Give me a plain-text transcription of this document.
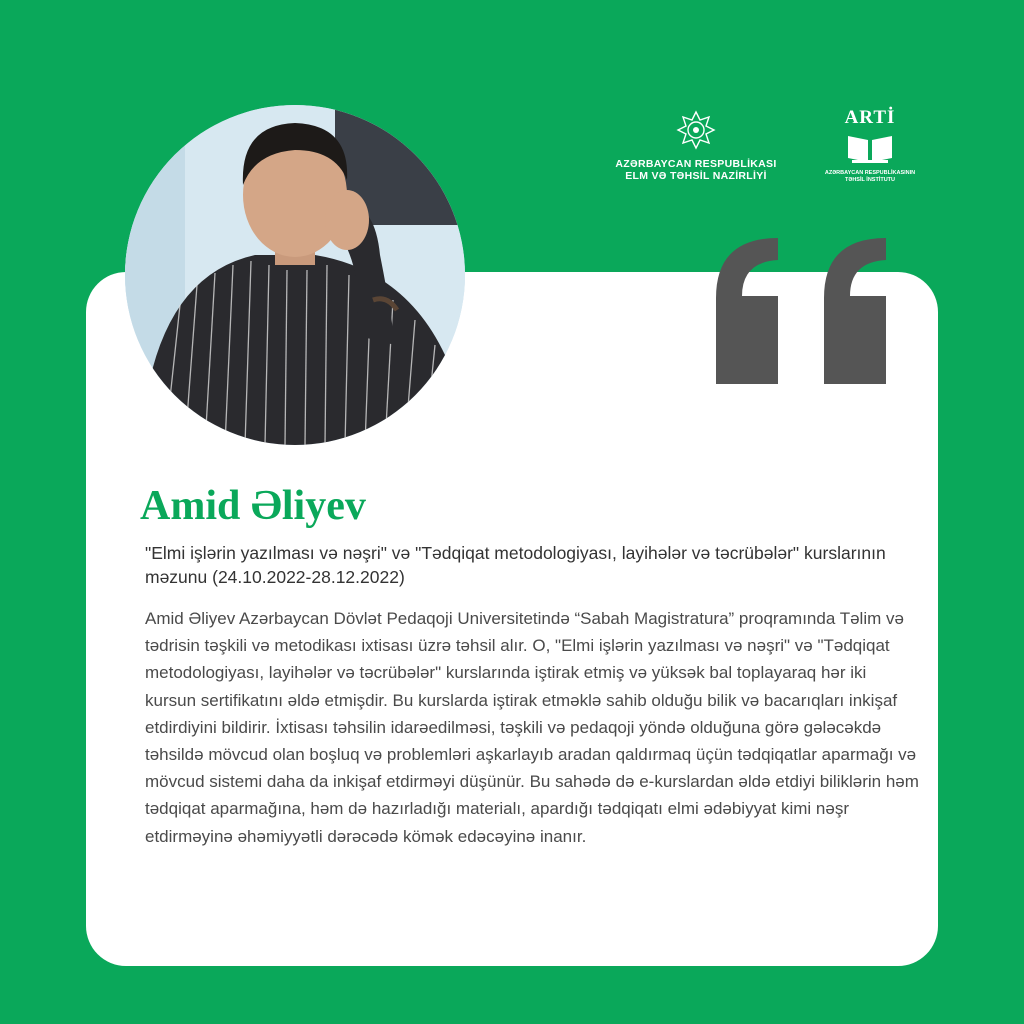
AZƏRBAYCAN RESPUBLİKASI
ELM VƏ TƏHSİL NAZİRLİYİ
ARTİ
AZƏRBAYCAN RESPUBLİKASININ
TƏHSİL İNSTİTUTU
Amid Əliyev

"Elmi işlərin yazılması və nəşri" və "Tədqiqat metodologiyası, layihələr və təcrübələr" kurslarının məzunu (24.10.2022-28.12.2022)

Amid Əliyev Azərbaycan Dövlət Pedaqoji Universitetində “Sabah Magistratura” proqramında Təlim və tədrisin təşkili və metodikası ixtisası üzrə təhsil alır. O, "Elmi işlərin yazılması və nəşri" və "Tədqiqat metodologiyası, layihələr və təcrübələr" kurslarında iştirak etmiş və yüksək bal toplayaraq hər iki kursun sertifikatını əldə etmişdir. Bu kurslarda iştirak etməklə sahib olduğu bilik və bacarıqları inkişaf etdirdiyini bildirir. İxtisası təhsilin idarəedilməsi, təşkili və pedaqoji yöndə olduğuna görə gələcəkdə təhsildə mövcud olan boşluq və problemləri aşkarlayıb aradan qaldırmaq üçün tədqiqatlar aparmağı və mövcud sistemi daha da inkişaf etdirməyi düşünür. Bu sahədə də e-kurslardan əldə etdiyi biliklərin həm tədqiqat aparmağına, həm də hazırladığı materialı, apardığı tədqiqatı elmi ədəbiyyat kimi nəşr etdirməyinə əhəmiyyətli dərəcədə kömək edəcəyinə inanır.
